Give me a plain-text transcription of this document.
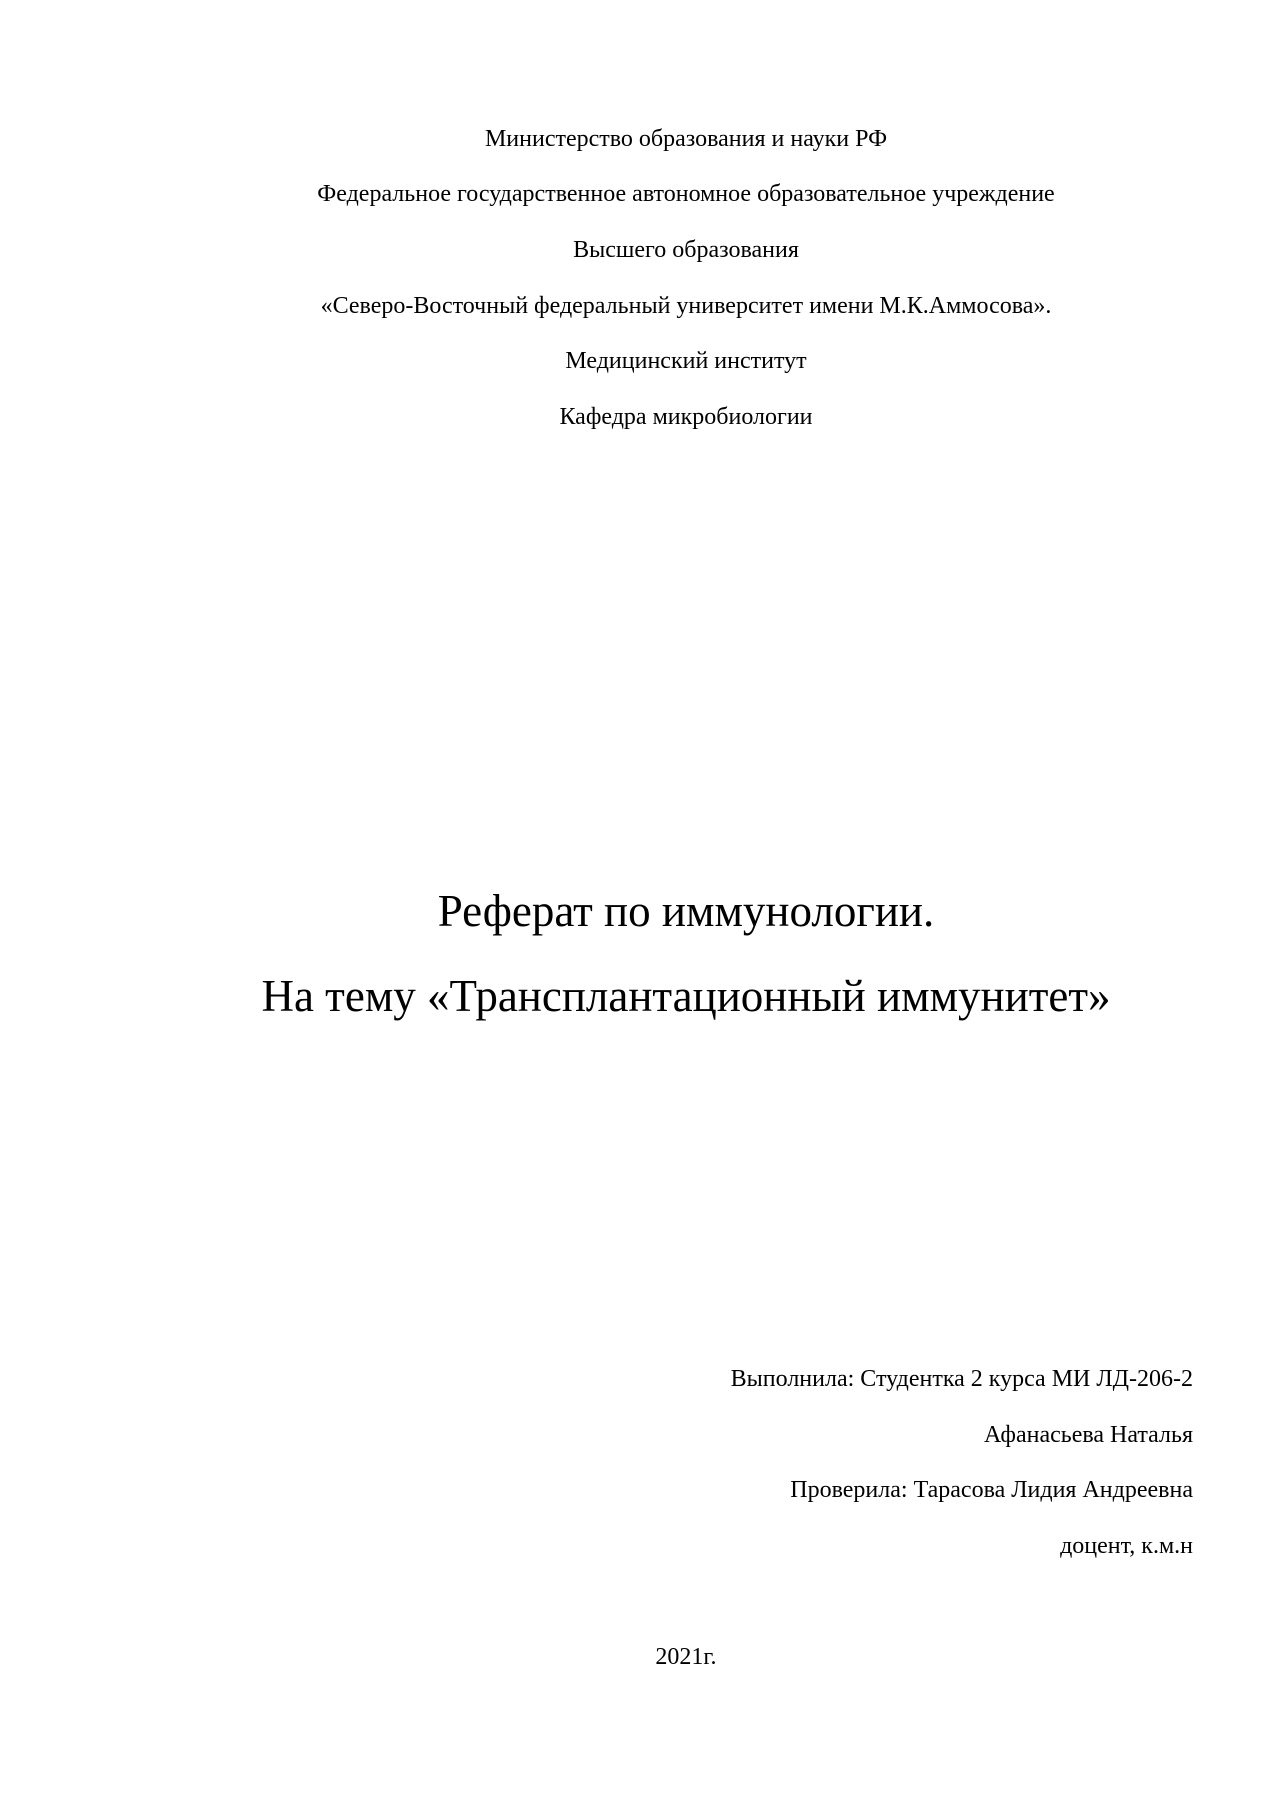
Министерство образования и науки РФ
Федеральное государственное автономное образовательное учреждение
Высшего образования
«Северо-Восточный федеральный университет имени М.К.Аммосова».
Медицинский институт
Кафедра микробиологии
Реферат по иммунологии.
На тему «Трансплантационный иммунитет»
Выполнила: Студентка 2 курса МИ ЛД-206-2
Афанасьева Наталья
Проверила: Тарасова Лидия Андреевна
доцент, к.м.н
2021г.
